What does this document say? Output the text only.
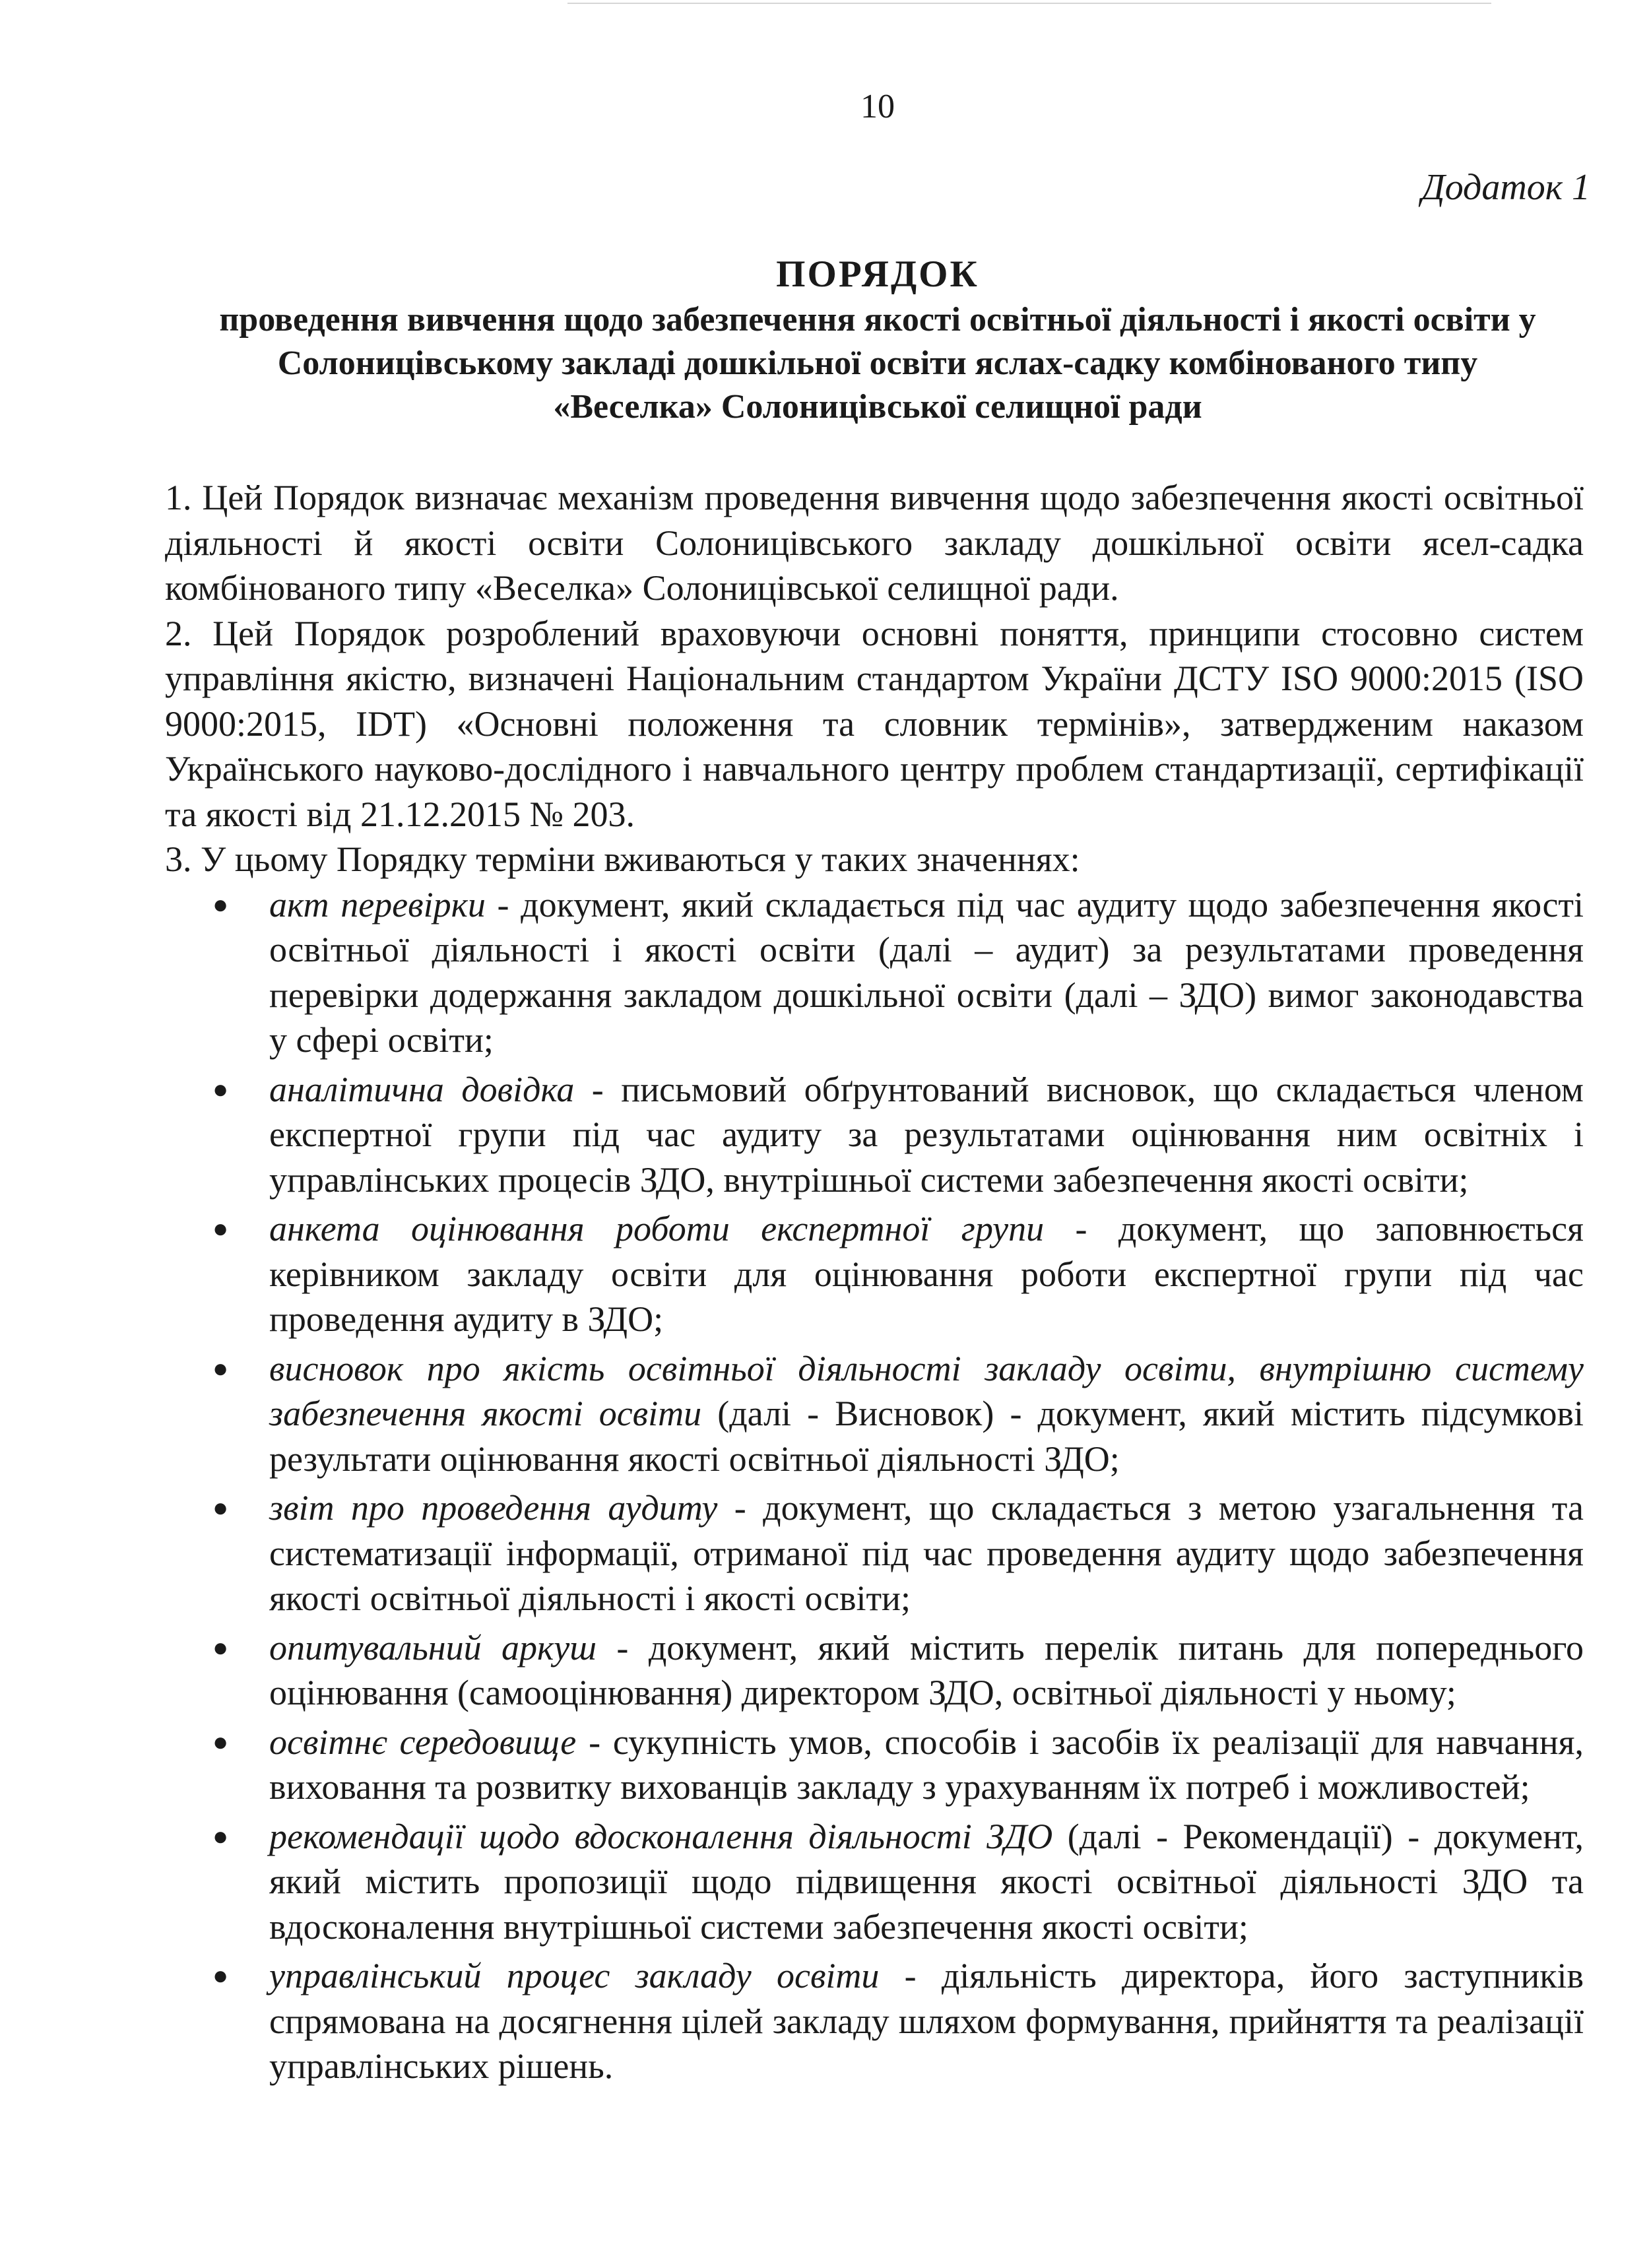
10
Додаток 1
ПОРЯДОК
проведення вивчення щодо забезпечення якості освітньої діяльності і якості освіти у Солоницівському закладі дошкільної освіти яслах-садку комбінованого типу «Веселка» Солоницівської селищної ради

1. Цей Порядок визначає механізм проведення вивчення щодо забезпечення якості освітньої діяльності й якості освіти Солоницівського закладу дошкільної освіти ясел-садка комбінованого типу «Веселка» Солоницівської селищної ради.

2. Цей Порядок розроблений враховуючи основні поняття, принципи стосовно систем управління якістю, визначені Національним стандартом України ДСТУ ISO 9000:2015 (ISO 9000:2015, IDT) «Основні положення та словник термінів», затвердженим наказом Українського науково-дослідного і навчального центру проблем стандартизації, сертифікації та якості від 21.12.2015 № 203.

3. У цьому Порядку терміни вживаються у таких значеннях:

● акт перевірки - документ, який складається під час аудиту щодо забезпечення якості освітньої діяльності і якості освіти (далі – аудит) за результатами проведення перевірки додержання закладом дошкільної освіти (далі – ЗДО) вимог законодавства у сфері освіти;
● аналітична довідка - письмовий обґрунтований висновок, що складається членом експертної групи під час аудиту за результатами оцінювання ним освітніх і управлінських процесів ЗДО, внутрішньої системи забезпечення якості освіти;
● анкета оцінювання роботи експертної групи - документ, що заповнюється керівником закладу освіти для оцінювання роботи експертної групи під час проведення аудиту в ЗДО;
● висновок про якість освітньої діяльності закладу освіти, внутрішню систему забезпечення якості освіти (далі - Висновок) - документ, який містить підсумкові результати оцінювання якості освітньої діяльності ЗДО;
● звіт про проведення аудиту - документ, що складається з метою узагальнення та систематизації інформації, отриманої під час проведення аудиту щодо забезпечення якості освітньої діяльності і якості освіти;
● опитувальний аркуш - документ, який містить перелік питань для попереднього оцінювання (самооцінювання) директором ЗДО, освітньої діяльності у ньому;
● освітнє середовище - сукупність умов, способів і засобів їх реалізації для навчання, виховання та розвитку вихованців закладу з урахуванням їх потреб і можливостей;
● рекомендації щодо вдосконалення діяльності ЗДО (далі - Рекомендації) - документ, який містить пропозиції щодо підвищення якості освітньої діяльності ЗДО та вдосконалення внутрішньої системи забезпечення якості освіти;
● управлінський процес закладу освіти - діяльність директора, його заступників спрямована на досягнення цілей закладу шляхом формування, прийняття та реалізації управлінських рішень.
